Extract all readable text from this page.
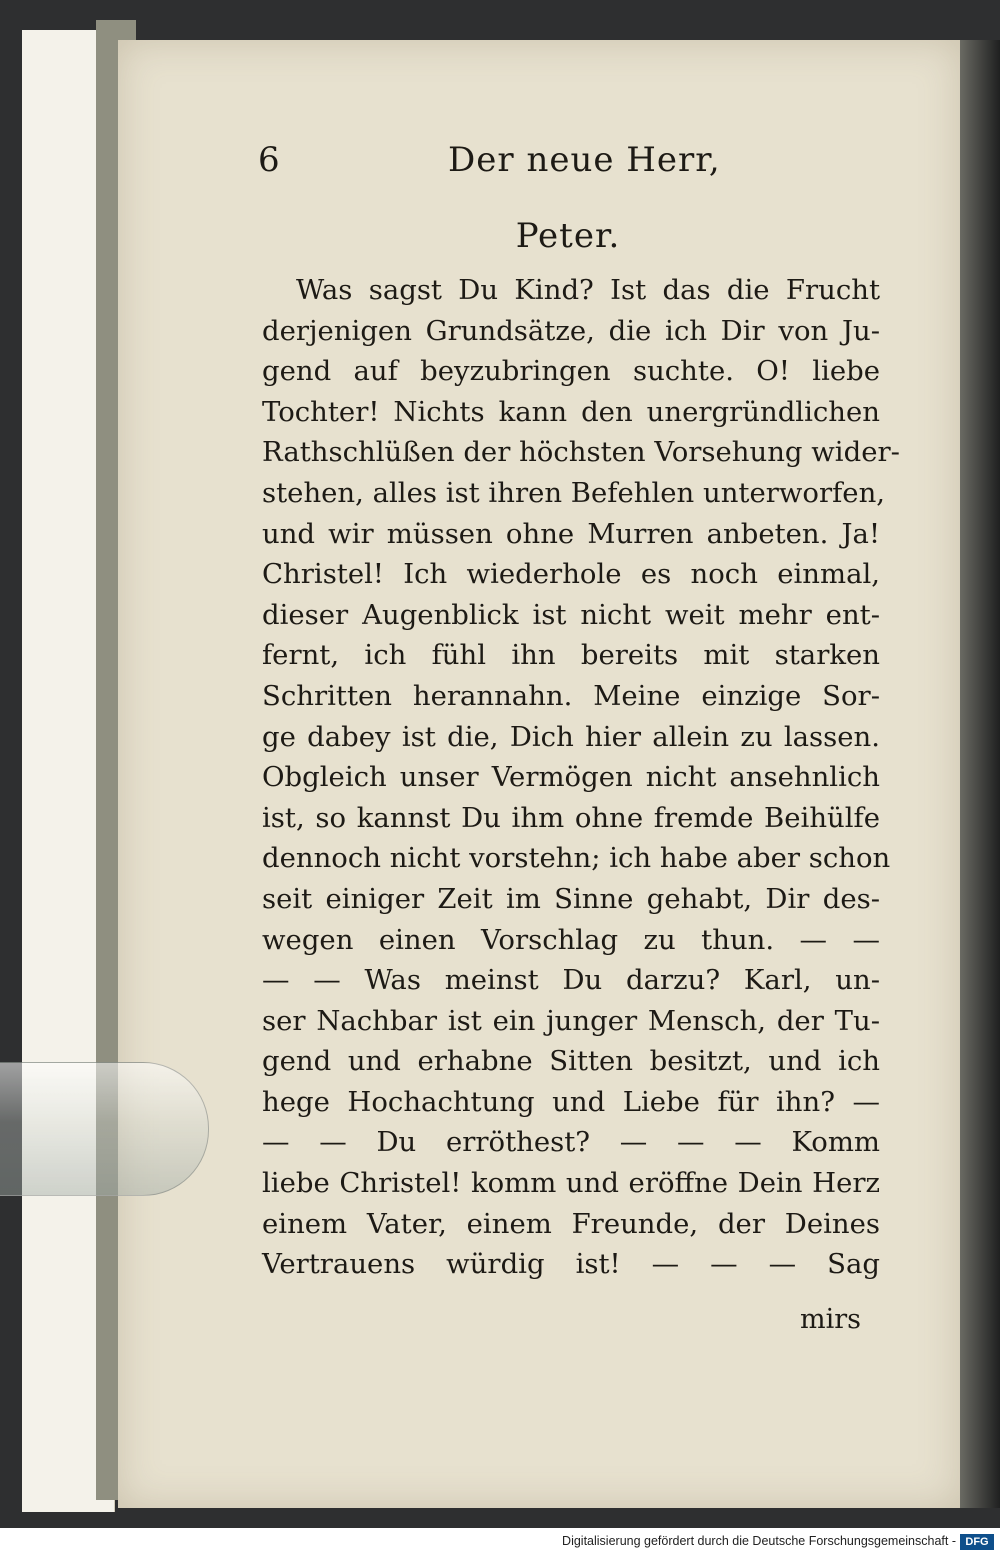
6	Der neue Herr,
Peter.
Was sagst Du Kind? Ist das die Frucht
derjenigen Grundsätze, die ich Dir von Ju-
gend auf beyzubringen suchte. O! liebe
Tochter! Nichts kann den unergründlichen
Rathschlüßen der höchsten Vorsehung wider-
stehen, alles ist ihren Befehlen unterworfen,
und wir müssen ohne Murren anbeten. Ja!
Christel! Ich wiederhole es noch einmal,
dieser Augenblick ist nicht weit mehr ent-
fernt, ich fühl ihn bereits mit starken
Schritten herannahn. Meine einzige Sor-
ge dabey ist die, Dich hier allein zu lassen.
Obgleich unser Vermögen nicht ansehnlich
ist, so kannst Du ihm ohne fremde Beihülfe
dennoch nicht vorstehn; ich habe aber schon
seit einiger Zeit im Sinne gehabt, Dir des-
wegen einen Vorschlag zu thun. — —
— — Was meinst Du darzu? Karl, un-
ser Nachbar ist ein junger Mensch, der Tu-
gend und erhabne Sitten besitzt, und ich
hege Hochachtung und Liebe für ihn? —
— — Du erröthest? — — — Komm
liebe Christel! komm und eröffne Dein Herz
einem Vater, einem Freunde, der Deines
Vertrauens würdig ist! — — — Sag
mirs
Digitalisierung gefördert durch die Deutsche Forschungsgemeinschaft - DFG
